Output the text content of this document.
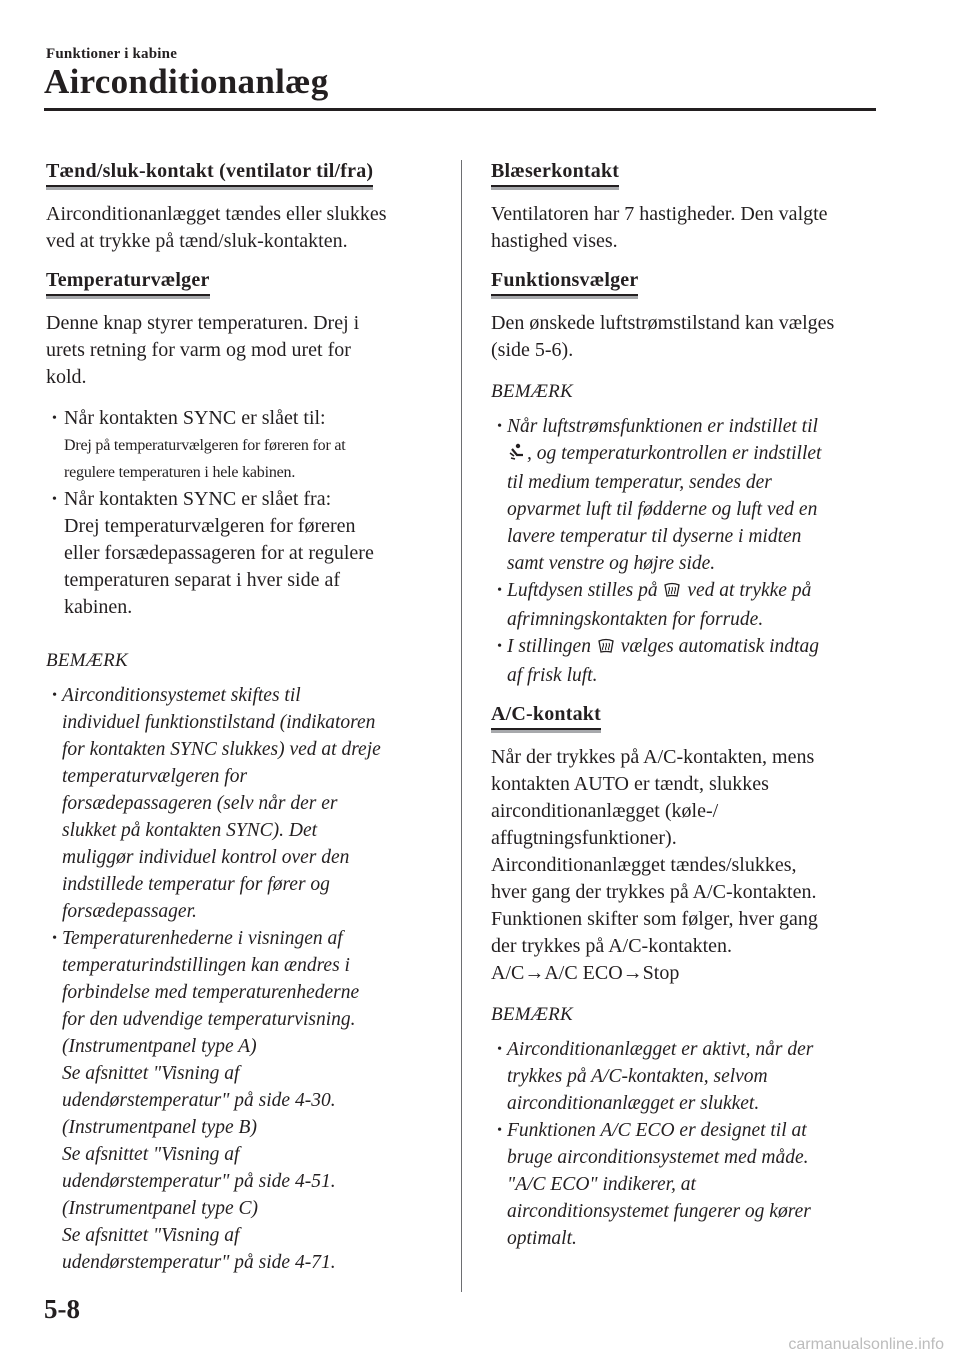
Funktioner i kabine
Airconditionanlæg
Tænd/sluk-kontakt (ventilator til/fra)
Airconditionanlægget tændes eller slukkes
ved at trykke på tænd/sluk-kontakten.
Temperaturvælger
Denne knap styrer temperaturen. Drej i
urets retning for varm og mod uret for
kold.
• Når kontakten SYNC er slået til:
Drej på temperaturvælgeren for føreren for at
regulere temperaturen i hele kabinen.
• Når kontakten SYNC er slået fra:
Drej temperaturvælgeren for føreren
eller forsædepassageren for at regulere
temperaturen separat i hver side af
kabinen.
BEMÆRK
• Airconditionsystemet skiftes til
individuel funktionstilstand (indikatoren
for kontakten SYNC slukkes) ved at dreje
temperaturvælgeren for
forsædepassageren (selv når der er
slukket på kontakten SYNC). Det
muliggør individuel kontrol over den
indstillede temperatur for fører og
forsædepassager.
• Temperaturenhederne i visningen af
temperaturindstillingen kan ændres i
forbindelse med temperaturenhederne
for den udvendige temperaturvisning.
(Instrumentpanel type A)
Se afsnittet "Visning af
udendørstemperatur" på side 4-30.
(Instrumentpanel type B)
Se afsnittet "Visning af
udendørstemperatur" på side 4-51.
(Instrumentpanel type C)
Se afsnittet "Visning af
udendørstemperatur" på side 4-71.
Blæserkontakt
Ventilatoren har 7 hastigheder. Den valgte
hastighed vises.
Funktionsvælger
Den ønskede luftstrømstilstand kan vælges
(side 5-6).
BEMÆRK
• Når luftstrømsfunktionen er indstillet til
, og temperaturkontrollen er indstillet
til medium temperatur, sendes der
opvarmet luft til fødderne og luft ved en
lavere temperatur til dyserne i midten
samt venstre og højre side.
• Luftdysen stilles på ved at trykke på
afrimningskontakten for forrude.
• I stillingen vælges automatisk indtag
af frisk luft.
A/C-kontakt
Når der trykkes på A/C-kontakten, mens
kontakten AUTO er tændt, slukkes
airconditionanlægget (køle-/
affugtningsfunktioner).
Airconditionanlægget tændes/slukkes,
hver gang der trykkes på A/C-kontakten.
Funktionen skifter som følger, hver gang
der trykkes på A/C-kontakten.
A/C→A/C ECO→Stop
BEMÆRK
• Airconditionanlægget er aktivt, når der
trykkes på A/C-kontakten, selvom
airconditionanlægget er slukket.
• Funktionen A/C ECO er designet til at
bruge airconditionsystemet med måde.
"A/C ECO" indikerer, at
airconditionsystemet fungerer og kører
optimalt.
5-8
carmanualsonline.info
